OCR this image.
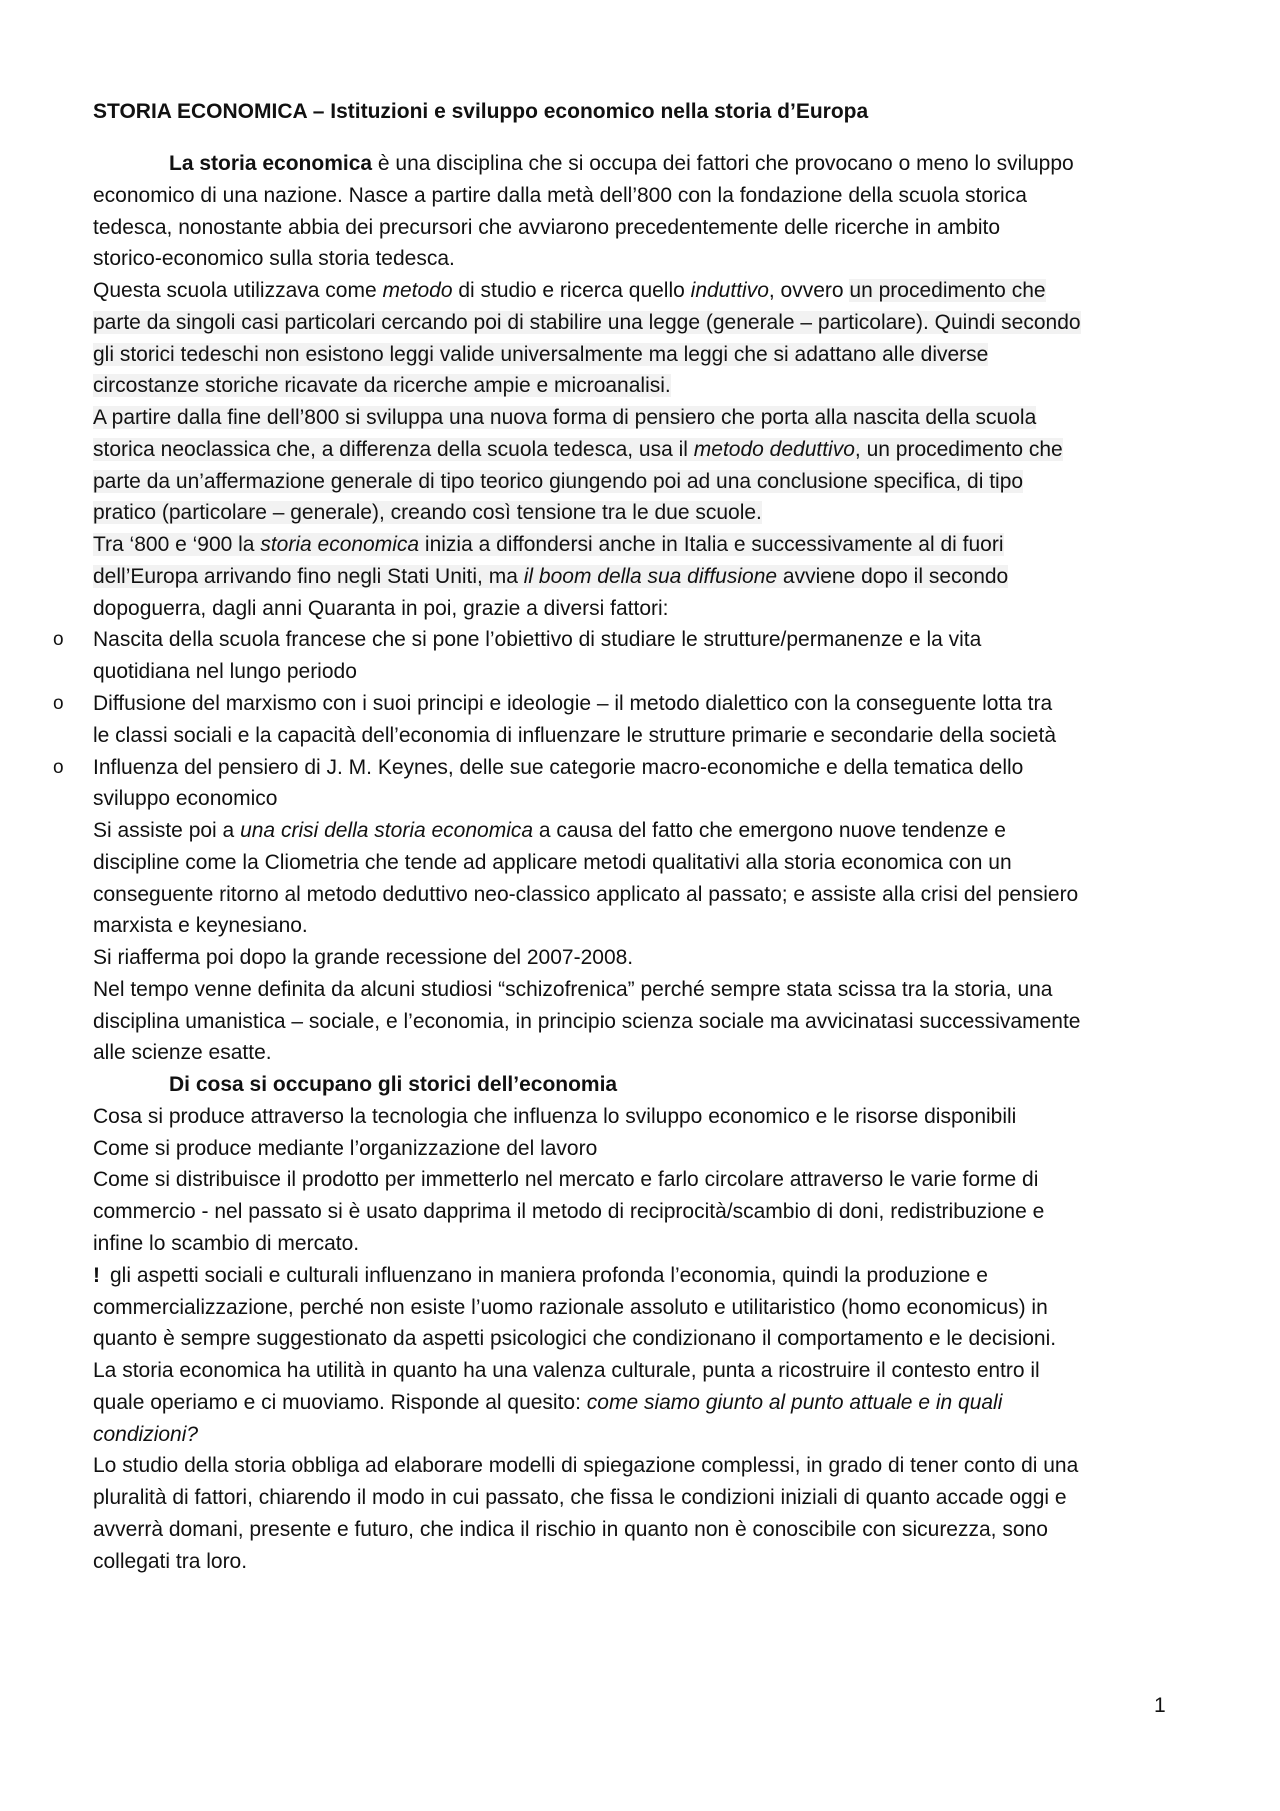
STORIA ECONOMICA – Istituzioni e sviluppo economico nella storia d’Europa
La storia economica è una disciplina che si occupa dei fattori che provocano o meno lo sviluppo
economico di una nazione. Nasce a partire dalla metà dell’800 con la fondazione della scuola storica
tedesca, nonostante abbia dei precursori che avviarono precedentemente delle ricerche in ambito
storico-economico sulla storia tedesca.
Questa scuola utilizzava come metodo di studio e ricerca quello induttivo, ovvero un procedimento che
parte da singoli casi particolari cercando poi di stabilire una legge (generale – particolare). Quindi secondo
gli storici tedeschi non esistono leggi valide universalmente ma leggi che si adattano alle diverse
circostanze storiche ricavate da ricerche ampie e microanalisi.
A partire dalla fine dell’800 si sviluppa una nuova forma di pensiero che porta alla nascita della scuola
storica neoclassica che, a differenza della scuola tedesca, usa il metodo deduttivo, un procedimento che
parte da un’affermazione generale di tipo teorico giungendo poi ad una conclusione specifica, di tipo
pratico (particolare – generale), creando così tensione tra le due scuole.
Tra ‘800 e ‘900 la storia economica inizia a diffondersi anche in Italia e successivamente al di fuori
dell’Europa arrivando fino negli Stati Uniti, ma il boom della sua diffusione avviene dopo il secondo
dopoguerra, dagli anni Quaranta in poi, grazie a diversi fattori:
o Nascita della scuola francese che si pone l’obiettivo di studiare le strutture/permanenze e la vita
quotidiana nel lungo periodo
o Diffusione del marxismo con i suoi principi e ideologie – il metodo dialettico con la conseguente lotta tra
le classi sociali e la capacità dell’economia di influenzare le strutture primarie e secondarie della società
o Influenza del pensiero di J. M. Keynes, delle sue categorie macro-economiche e della tematica dello
sviluppo economico
Si assiste poi a una crisi della storia economica a causa del fatto che emergono nuove tendenze e
discipline come la Cliometria che tende ad applicare metodi qualitativi alla storia economica con un
conseguente ritorno al metodo deduttivo neo-classico applicato al passato; e assiste alla crisi del pensiero
marxista e keynesiano.
Si riafferma poi dopo la grande recessione del 2007-2008.
Nel tempo venne definita da alcuni studiosi “schizofrenica” perché sempre stata scissa tra la storia, una
disciplina umanistica – sociale, e l’economia, in principio scienza sociale ma avvicinatasi successivamente
alle scienze esatte.
Di cosa si occupano gli storici dell’economia
Cosa si produce attraverso la tecnologia che influenza lo sviluppo economico e le risorse disponibili
Come si produce mediante l’organizzazione del lavoro
Come si distribuisce il prodotto per immetterlo nel mercato e farlo circolare attraverso le varie forme di
commercio - nel passato si è usato dapprima il metodo di reciprocità/scambio di doni, redistribuzione e
infine lo scambio di mercato.
! gli aspetti sociali e culturali influenzano in maniera profonda l’economia, quindi la produzione e
commercializzazione, perché non esiste l’uomo razionale assoluto e utilitaristico (homo economicus) in
quanto è sempre suggestionato da aspetti psicologici che condizionano il comportamento e le decisioni.
La storia economica ha utilità in quanto ha una valenza culturale, punta a ricostruire il contesto entro il
quale operiamo e ci muoviamo. Risponde al quesito: come siamo giunto al punto attuale e in quali
condizioni?
Lo studio della storia obbliga ad elaborare modelli di spiegazione complessi, in grado di tener conto di una
pluralità di fattori, chiarendo il modo in cui passato, che fissa le condizioni iniziali di quanto accade oggi e
avverrà domani, presente e futuro, che indica il rischio in quanto non è conoscibile con sicurezza, sono
collegati tra loro.
1
